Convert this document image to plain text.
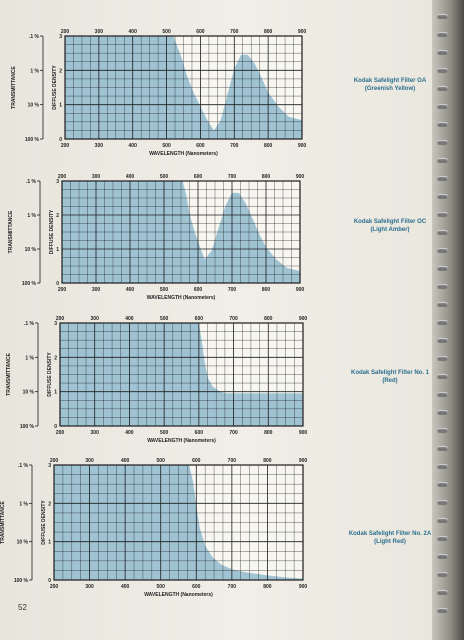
200
200
300
300
400
400
500
500
600
600
700
700
800
800
900
900
0
1
2
3
.1 %
1 %
10 %
100 %
TRANSMITTANCE	DIFFUSE DENSITY
WAVELENGTH (Nanometers)
200
200
300
300
400
400
500
500
600
600
700
700
800
800
900
900
0
1
2
3
.1 %
1 %
10 %
100 %
TRANSMITTANCE	DIFFUSE DENSITY
WAVELENGTH (Nanometers)
200
200
300
300
400
400
500
500
600
600
700
700
800
800
900
900
0
1
2
3
.1 %
1 %
10 %
100 %
TRANSMITTANCE	DIFFUSE DENSITY
WAVELENGTH (Nanometers)
200
200
300
300
400
400
500
500
600
600
700
700
800
800
900
900
0
1
2
3
.1 %
1 %
10 %
100 %
TRANSMITTANCE	DIFFUSE DENSITY
WAVELENGTH (Nanometers)
Kodak Safelight Filter OA
(Greenish Yellow)
Kodak Safelight Filter OC
(Light Amber)
Kodak Safelight Filter No. 1
(Red)
Kodak Safelight Filter No. 2A
(Light Red)
52
